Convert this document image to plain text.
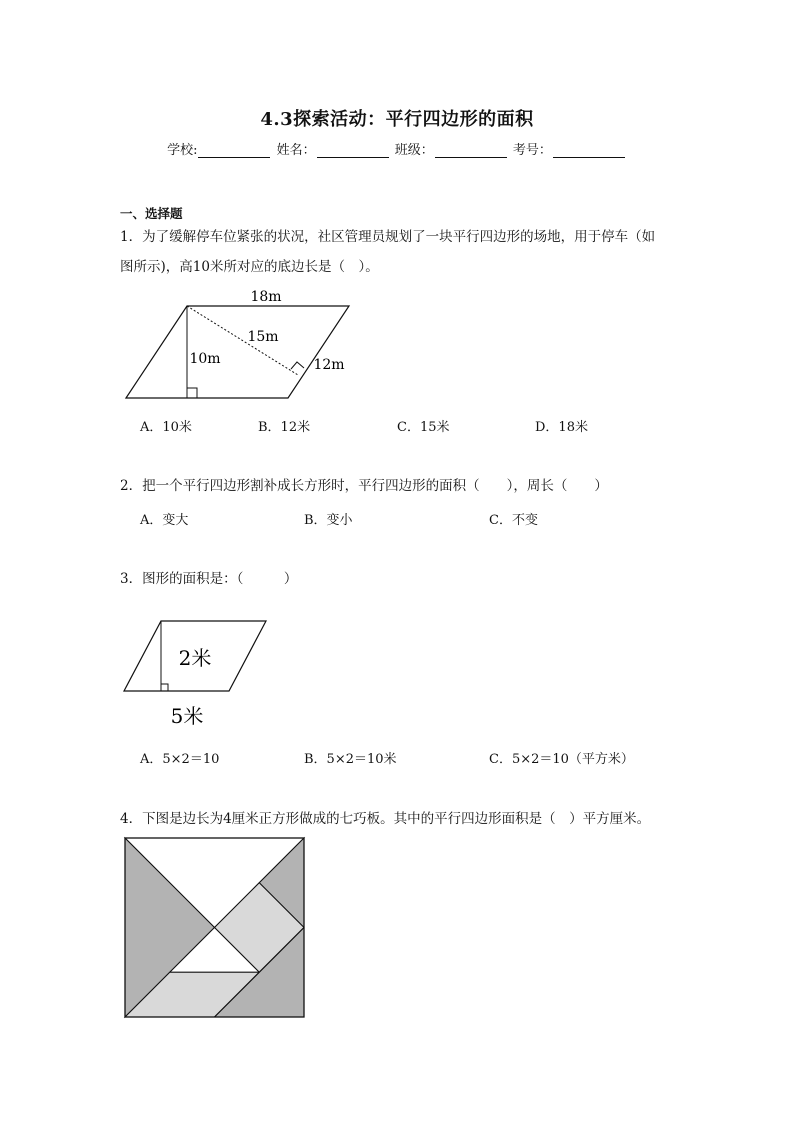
4.3探索活动：平行四边形的面积
学校:	姓名：	班级：	考号：
一、选择题
1．为了缓解停车位紧张的状况，社区管理员规划了一块平行四边形的场地，用于停车（如
图所示)，高10米所对应的底边长是（　）。
18m
15m
10m	12m
A．10米	B．12米	C．15米	D．18米
2．把一个平行四边形割补成长方形时，平行四边形的面积（　　），周长（　　）
A．变大	B．变小	C．不变
3．图形的面积是：（　　　）
2米
5米
A．5×2＝10	B．5×2＝10米	C．5×2＝10（平方米）
4．下图是边长为4厘米正方形做成的七巧板。其中的平行四边形面积是（　）平方厘米。
